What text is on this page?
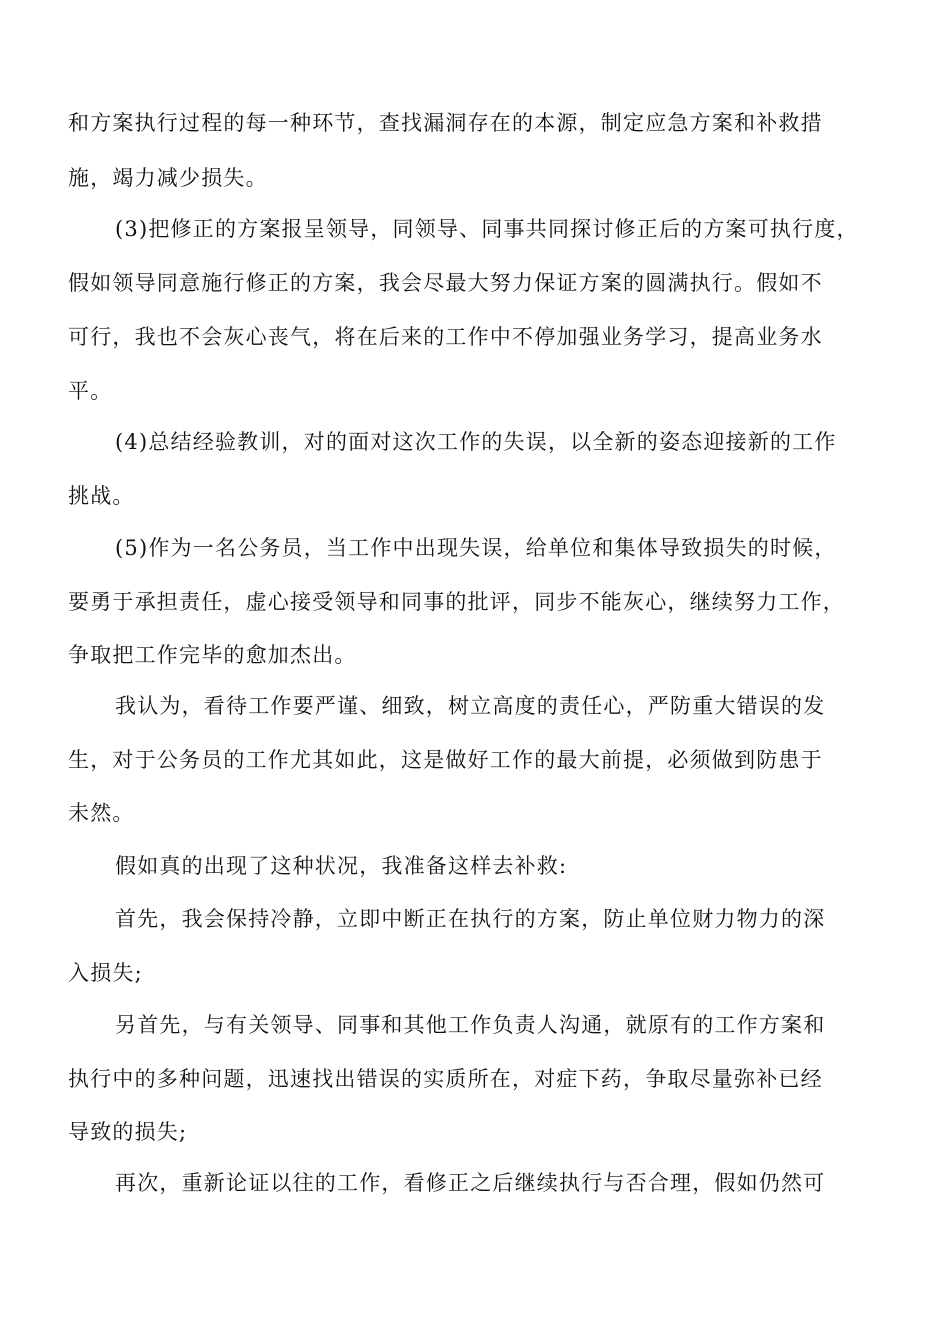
和方案执行过程的每一种环节，查找漏洞存在的本源，制定应急方案和补救措
施，竭力减少损失。
(3)把修正的方案报呈领导，同领导、同事共同探讨修正后的方案可执行度，
假如领导同意施行修正的方案，我会尽最大努力保证方案的圆满执行。假如不
可行，我也不会灰心丧气，将在后来的工作中不停加强业务学习，提高业务水
平。
(4)总结经验教训，对的面对这次工作的失误，以全新的姿态迎接新的工作
挑战。
(5)作为一名公务员，当工作中出现失误，给单位和集体导致损失的时候，
要勇于承担责任，虚心接受领导和同事的批评，同步不能灰心，继续努力工作，
争取把工作完毕的愈加杰出。
我认为，看待工作要严谨、细致，树立高度的责任心，严防重大错误的发
生，对于公务员的工作尤其如此，这是做好工作的最大前提，必须做到防患于
未然。
假如真的出现了这种状况，我准备这样去补救:
首先，我会保持冷静，立即中断正在执行的方案，防止单位财力物力的深
入损失;
另首先，与有关领导、同事和其他工作负责人沟通，就原有的工作方案和
执行中的多种问题，迅速找出错误的实质所在，对症下药，争取尽量弥补已经
导致的损失;
再次，重新论证以往的工作，看修正之后继续执行与否合理，假如仍然可
